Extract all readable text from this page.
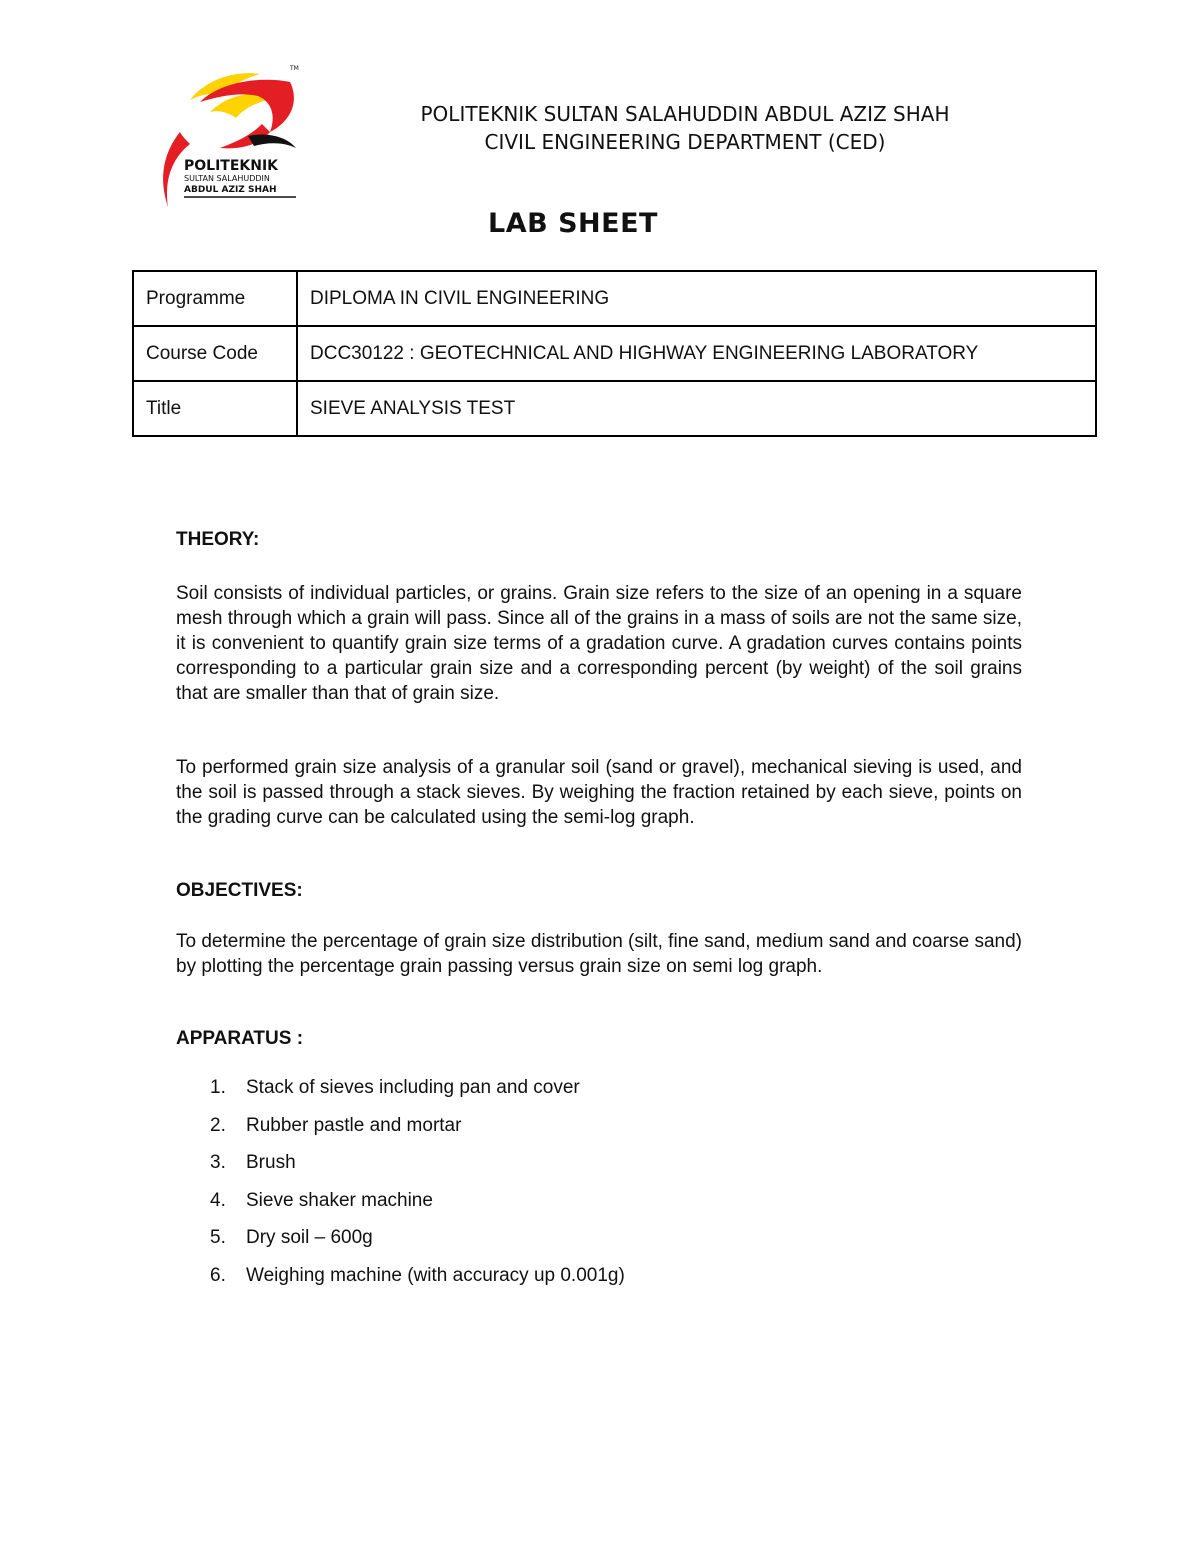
POLITEKNIK
SULTAN SALAHUDDIN
ABDUL AZIZ SHAH
TM
POLITEKNIK SULTAN SALAHUDDIN ABDUL AZIZ SHAH
CIVIL ENGINEERING DEPARTMENT (CED)
LAB SHEET
Programme	DIPLOMA IN CIVIL ENGINEERING
Course Code	DCC30122 : GEOTECHNICAL AND HIGHWAY ENGINEERING LABORATORY
Title	SIEVE ANALYSIS TEST
THEORY:
Soil consists of individual particles, or grains. Grain size refers to the size of an opening in a square mesh through which a grain will pass. Since all of the grains in a mass of soils are not the same size, it is convenient to quantify grain size terms of a gradation curve. A gradation curves contains points corresponding to a particular grain size and a corresponding percent (by weight) of the soil grains that are smaller than that of grain size.
To performed grain size analysis of a granular soil (sand or gravel), mechanical sieving is used, and the soil is passed through a stack sieves. By weighing the fraction retained by each sieve, points on the grading curve can be calculated using the semi-log graph.
OBJECTIVES:
To determine the percentage of grain size distribution (silt, fine sand, medium sand and coarse sand) by plotting the percentage grain passing versus grain size on semi log graph.
APPARATUS :
1. Stack of sieves including pan and cover
2. Rubber pastle and mortar
3. Brush
4. Sieve shaker machine
5. Dry soil – 600g
6. Weighing machine (with accuracy up 0.001g)
